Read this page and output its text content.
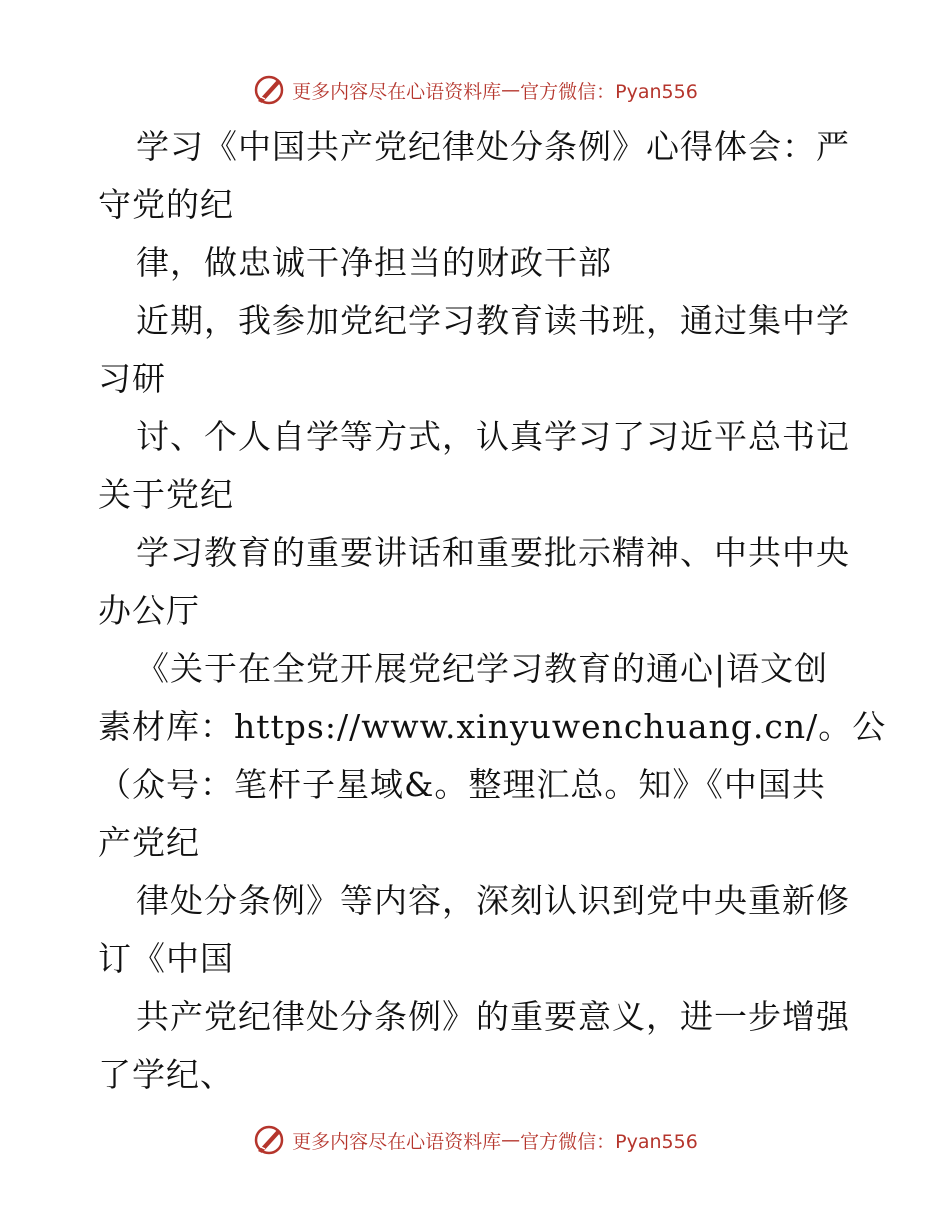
更多内容尽在心语资料库 — 官方微信：Pyan556
学习《中国共产党纪律处分条例》心得体会：严
守党的纪
律，做忠诚干净担当的财政干部
近期，我参加党纪学习教育读书班，通过集中学
习研
讨、个人自学等方式，认真学习了习近平总书记
关于党纪
学习教育的重要讲话和重要批示精神、中共中央
办公厅
《关于在全党开展党纪学习教育的通心|语文创
素材库：https://www.xinyuwenchuang.cn/。公
（众号：笔杆子星域&。整理汇总。知》《中国共
产党纪
律处分条例》等内容，深刻认识到党中央重新修
订《中国
共产党纪律处分条例》的重要意义，进一步增强
了学纪、
更多内容尽在心语资料库 — 官方微信：Pyan556
